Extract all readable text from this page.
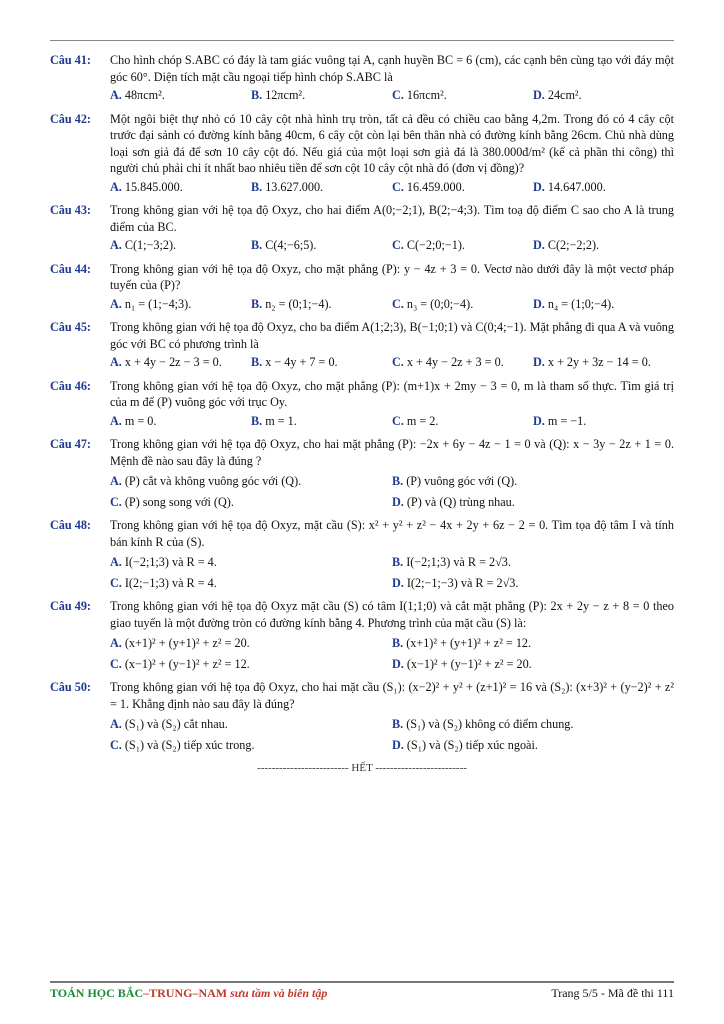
Câu 41:	Cho hình chóp S.ABC có đáy là tam giác vuông tại A, cạnh huyền BC = 6 (cm), các cạnh bên cùng tạo với đáy một góc 60°. Diện tích mặt cầu ngoại tiếp hình chóp S.ABC là
A. 48πcm².	B. 12πcm².	C. 16πcm².	D. 24cm².
Câu 42:	Một ngôi biệt thự nhỏ có 10 cây cột nhà hình trụ tròn, tất cả đều có chiều cao bằng 4,2m. Trong đó có 4 cây cột trước đại sảnh có đường kính bằng 40cm, 6 cây cột còn lại bên thân nhà có đường kính bằng 26cm. Chủ nhà dùng loại sơn giả đá để sơn 10 cây cột đó. Nếu giá của một loại sơn giả đá là 380.000đ/m² (kể cả phần thi công) thì người chủ phải chi ít nhất bao nhiêu tiền để sơn cột 10 cây cột nhà đó (đơn vị đồng)?
A. 15.845.000.	B. 13.627.000.	C. 16.459.000.	D. 14.647.000.
Câu 43:	Trong không gian với hệ tọa độ Oxyz, cho hai điểm A(0;−2;1), B(2;−4;3). Tìm toạ độ điểm C sao cho A là trung điểm của BC.
A. C(1;−3;2).	B. C(4;−6;5).	C. C(−2;0;−1).	D. C(2;−2;2).
Câu 44:	Trong không gian với hệ tọa độ Oxyz, cho mặt phẳng (P): y − 4z + 3 = 0. Vectơ nào dưới đây là một vectơ pháp tuyến của (P)?
A. n₁ = (1;−4;3).	B. n₂ = (0;1;−4).	C. n₃ = (0;0;−4).	D. n₄ = (1;0;−4).
Câu 45:	Trong không gian với hệ tọa độ Oxyz, cho ba điểm A(1;2;3), B(−1;0;1) và C(0;4;−1). Mặt phẳng đi qua A và vuông góc với BC có phương trình là
A. x + 4y − 2z − 3 = 0.	B. x − 4y + 7 = 0.	C. x + 4y − 2z + 3 = 0.	D. x + 2y + 3z − 14 = 0.
Câu 46:	Trong không gian với hệ tọa độ Oxyz, cho mặt phẳng (P): (m+1)x + 2my − 3 = 0, m là tham số thực. Tìm giá trị của m để (P) vuông góc với trục Oy.
A. m = 0.	B. m = 1.	C. m = 2.	D. m = −1.
Câu 47:	Trong không gian với hệ tọa độ Oxyz, cho hai mặt phẳng (P): −2x + 6y − 4z − 1 = 0 và (Q): x − 3y − 2z + 1 = 0. Mệnh đề nào sau đây là đúng ?
A. (P) cắt và không vuông góc với (Q).	B. (P) vuông góc với (Q).
C. (P) song song với (Q).	D. (P) và (Q) trùng nhau.
Câu 48:	Trong không gian với hệ tọa độ Oxyz, mặt cầu (S): x² + y² + z² − 4x + 2y + 6z − 2 = 0. Tìm tọa độ tâm I và tính bán kính R của (S).
A. I(−2;1;3) và R = 4.	B. I(−2;1;3) và R = 2√3.
C. I(2;−1;3) và R = 4.	D. I(2;−1;−3) và R = 2√3.
Câu 49:	Trong không gian với hệ tọa độ Oxyz mặt cầu (S) có tâm I(1;1;0) và cắt mặt phẳng (P): 2x + 2y − z + 8 = 0 theo giao tuyến là một đường tròn có đường kính bằng 4. Phương trình của mặt cầu (S) là:
A. (x+1)² + (y+1)² + z² = 20.	B. (x+1)² + (y+1)² + z² = 12.
C. (x−1)² + (y−1)² + z² = 12.	D. (x−1)² + (y−1)² + z² = 20.
Câu 50:	Trong không gian với hệ tọa độ Oxyz, cho hai mặt cầu (S₁): (x−2)² + y² + (z+1)² = 16 và (S₂): (x+3)² + (y−2)² + z² = 1. Khẳng định nào sau đây là đúng?
A. (S₁) và (S₂) cắt nhau.	B. (S₁) và (S₂) không có điểm chung.
C. (S₁) và (S₂) tiếp xúc trong.	D. (S₁) và (S₂) tiếp xúc ngoài.
------------------------- HẾT -------------------------
TOÁN HỌC BẮC–TRUNG–NAM sưu tầm và biên tập	Trang 5/5 - Mã đề thi 111
